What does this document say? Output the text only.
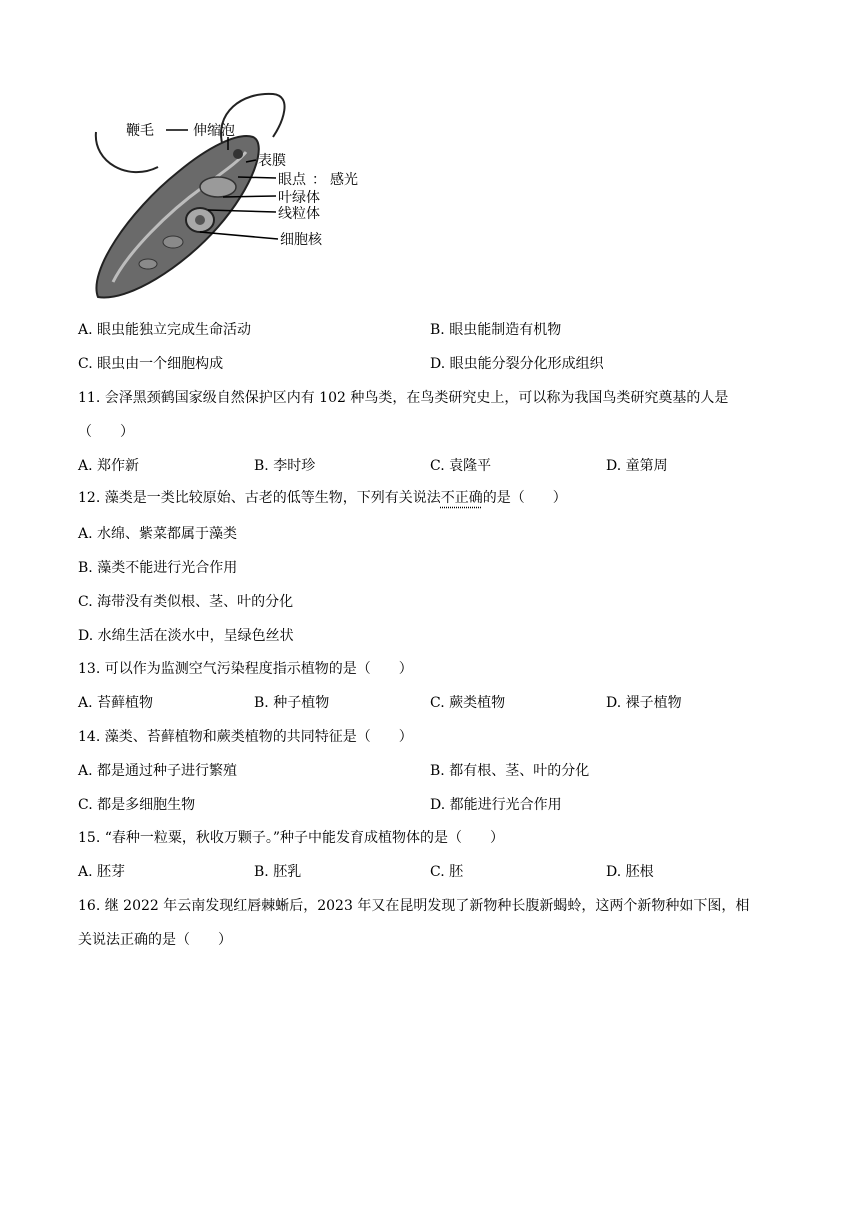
鞭毛	伸缩泡
表膜
眼点 ： 感光
叶绿体
线粒体
细胞核
A. 眼虫能独立完成生命活动	B. 眼虫能制造有机物
C. 眼虫由一个细胞构成	D. 眼虫能分裂分化形成组织
11. 会泽黑颈鹤国家级自然保护区内有 102 种鸟类，在鸟类研究史上，可以称为我国鸟类研究奠基的人是
（　　）
A. 郑作新	B. 李时珍	C. 袁隆平	D. 童第周
12. 藻类是一类比较原始、古老的低等生物，下列有关说法不正确的是（　　）
A. 水绵、紫菜都属于藻类
B. 藻类不能进行光合作用
C. 海带没有类似根、茎、叶的分化
D. 水绵生活在淡水中，呈绿色丝状
13. 可以作为监测空气污染程度指示植物的是（　　）
A. 苔藓植物	B. 种子植物	C. 蕨类植物	D. 裸子植物
14. 藻类、苔藓植物和蕨类植物的共同特征是（　　）
A. 都是通过种子进行繁殖	B. 都有根、茎、叶的分化
C. 都是多细胞生物	D. 都能进行光合作用
15. “春种一粒粟，秋收万颗子。”种子中能发育成植物体的是（　　）
A. 胚芽	B. 胚乳	C. 胚	D. 胚根
16. 继 2022 年云南发现红唇棘蜥后，2023 年又在昆明发现了新物种长腹新蝎蛉，这两个新物种如下图，相
关说法正确的是（　　）
